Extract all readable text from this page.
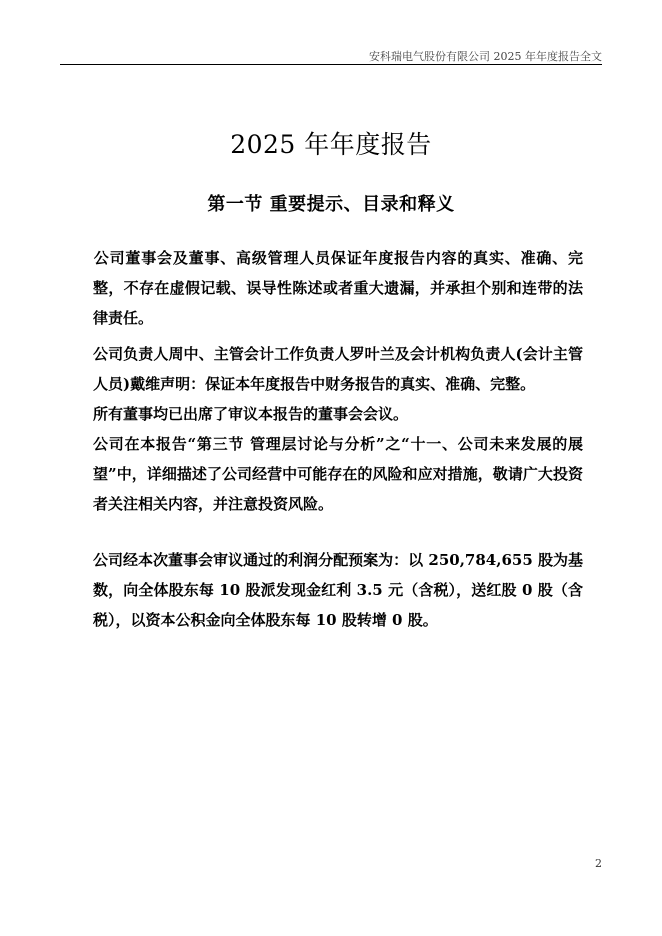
安科瑞电气股份有限公司 2025 年年度报告全文
2025 年年度报告
第一节 重要提示、目录和释义

公司董事会及董事、高级管理人员保证年度报告内容的真实、准确、完整，不存在虚假记载、误导性陈述或者重大遗漏，并承担个别和连带的法律责任。

公司负责人周中、主管会计工作负责人罗叶兰及会计机构负责人(会计主管人员)戴维声明：保证本年度报告中财务报告的真实、准确、完整。

所有董事均已出席了审议本报告的董事会会议。

公司在本报告“第三节 管理层讨论与分析”之“十一、公司未来发展的展望”中，详细描述了公司经营中可能存在的风险和应对措施，敬请广大投资者关注相关内容，并注意投资风险。

公司经本次董事会审议通过的利润分配预案为：以 250,784,655 股为基数，向全体股东每 10 股派发现金红利 3.5 元（含税），送红股 0 股（含税），以资本公积金向全体股东每 10 股转增 0 股。

2
